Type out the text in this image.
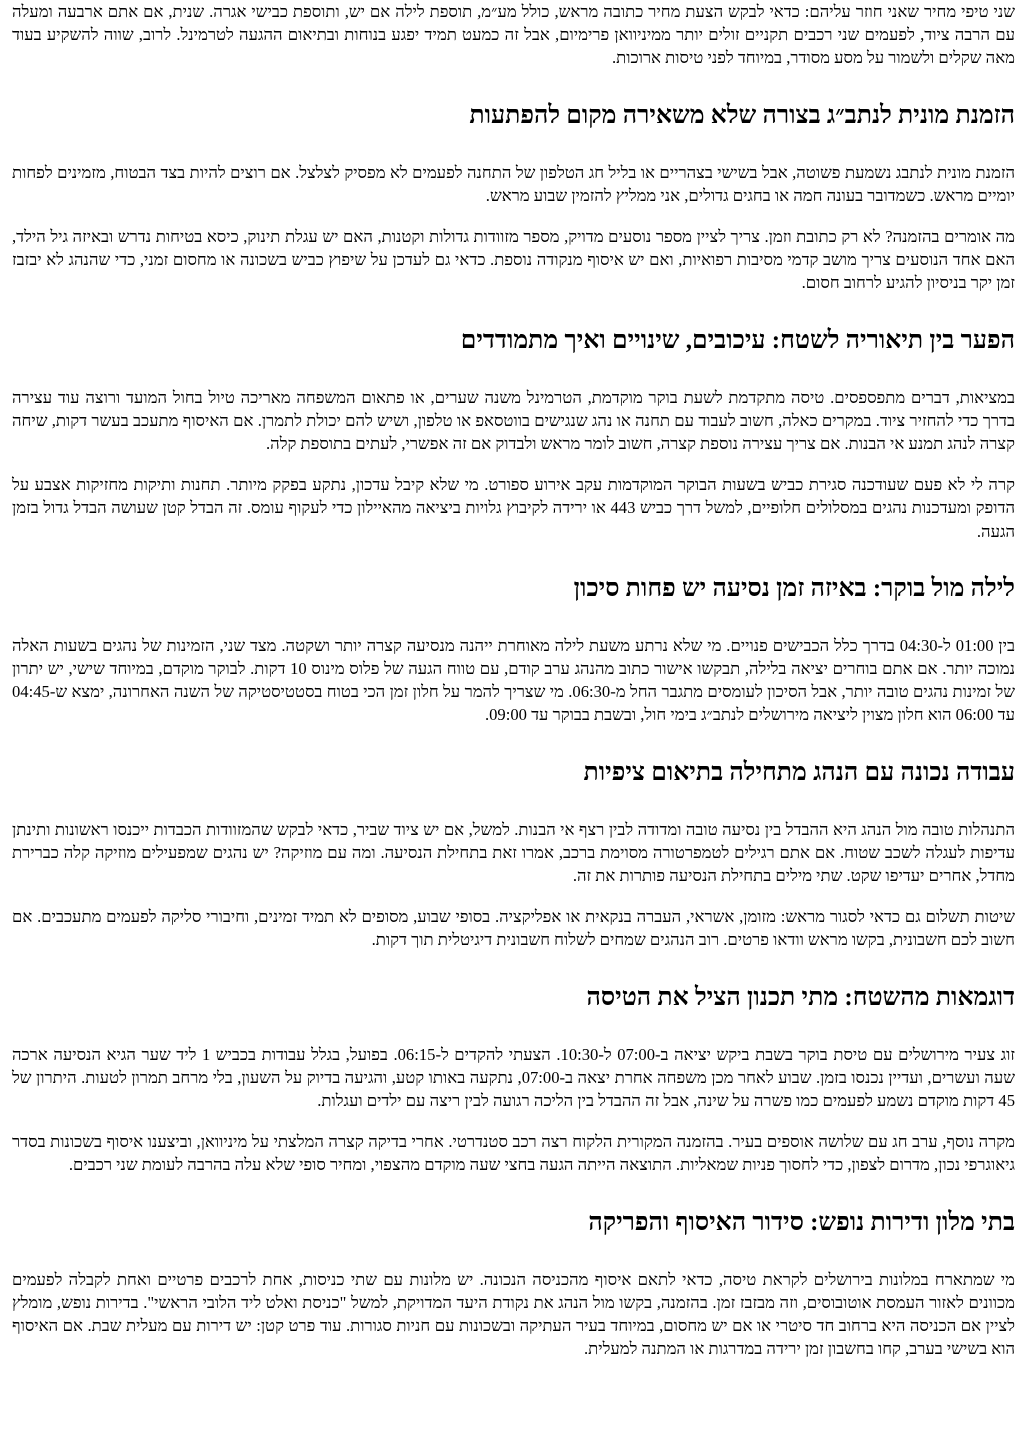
שני טיפי מחיר שאני חוזר עליהם: כדאי לבקש הצעת מחיר כתובה מראש, כולל מע״מ, תוספת לילה אם יש, ותוספת כבישי אגרה. שנית, אם אתם ארבעה ומעלה עם הרבה ציוד, לפעמים שני רכבים תקניים זולים יותר ממיניוואן פרימיום, אבל זה כמעט תמיד יפגע בנוחות ובתיאום ההגעה לטרמינל. לרוב, שווה להשקיע בעוד מאה שקלים ולשמור על מסע מסודר, במיוחד לפני טיסות ארוכות.

הזמנת מונית לנתב״ג בצורה שלא משאירה מקום להפתעות

הזמנת מונית לנתבג נשמעת פשוטה, אבל בשישי בצהריים או בליל חג הטלפון של התחנה לפעמים לא מפסיק לצלצל. אם רוצים להיות בצד הבטוח, מזמינים לפחות יומיים מראש. כשמדובר בעונה חמה או בחגים גדולים, אני ממליץ להזמין שבוע מראש.

מה אומרים בהזמנה? לא רק כתובת וזמן. צריך לציין מספר נוסעים מדויק, מספר מזוודות גדולות וקטנות, האם יש עגלת תינוק, כיסא בטיחות נדרש ובאיזה גיל הילד, האם אחד הנוסעים צריך מושב קדמי מסיבות רפואיות, ואם יש איסוף מנקודה נוספת. כדאי גם לעדכן על שיפוץ כביש בשכונה או מחסום זמני, כדי שהנהג לא יבזבז זמן יקר בניסיון להגיע לרחוב חסום.

הפער בין תיאוריה לשטח: עיכובים, שינויים ואיך מתמודדים

במציאות, דברים מתפספסים. טיסה מתקדמת לשעת בוקר מוקדמת, הטרמינל משנה שערים, או פתאום המשפחה מאריכה טיול בחול המועד ורוצה עוד עצירה בדרך כדי להחזיר ציוד. במקרים כאלה, חשוב לעבוד עם תחנה או נהג שנגישים בווטסאפ או טלפון, ושיש להם יכולת לתמרן. אם האיסוף מתעכב בעשר דקות, שיחה קצרה לנהג תמנע אי הבנות. אם צריך עצירה נוספת קצרה, חשוב לומר מראש ולבדוק אם זה אפשרי, לעתים בתוספת קלה.

קרה לי לא פעם שעודכנה סגירת כביש בשעות הבוקר המוקדמות עקב אירוע ספורט. מי שלא קיבל עדכון, נתקע בפקק מיותר. תחנות ותיקות מחזיקות אצבע על הדופק ומעדכנות נהגים במסלולים חלופיים, למשל דרך כביש 443 או ירידה לקיבוץ גלויות ביציאה מהאיילון כדי לעקוף עומס. זה הבדל קטן שעושה הבדל גדול בזמן הגעה.

לילה מול בוקר: באיזה זמן נסיעה יש פחות סיכון

בין 01:00 ל-04:30 בדרך כלל הכבישים פנויים. מי שלא נרתע משעת לילה מאוחרת ייהנה מנסיעה קצרה יותר ושקטה. מצד שני, הזמינות של נהגים בשעות האלה נמוכה יותר. אם אתם בוחרים יציאה בלילה, תבקשו אישור כתוב מהנהג ערב קודם, עם טווח הגעה של פלוס מינוס 10 דקות. לבוקר מוקדם, במיוחד שישי, יש יתרון של זמינות נהגים טובה יותר, אבל הסיכון לעומסים מתגבר החל מ-06:30. מי שצריך להמר על חלון זמן הכי בטוח בסטטיסטיקה של השנה האחרונה, ימצא ש-04:45 עד 06:00 הוא חלון מצוין ליציאה מירושלים לנתב״ג בימי חול, ובשבת בבוקר עד 09:00.

עבודה נכונה עם הנהג מתחילה בתיאום ציפיות

התנהלות טובה מול הנהג היא ההבדל בין נסיעה טובה ומדודה לבין רצף אי הבנות. למשל, אם יש ציוד שביר, כדאי לבקש שהמזוודות הכבדות ייכנסו ראשונות ותינתן עדיפות לעגלה לשכב שטוח. אם אתם רגילים לטמפרטורה מסוימת ברכב, אמרו זאת בתחילת הנסיעה. ומה עם מוזיקה? יש נהגים שמפעילים מוזיקה קלה כברירת מחדל, אחרים יעדיפו שקט. שתי מילים בתחילת הנסיעה פותרות את זה.

שיטות תשלום גם כדאי לסגור מראש: מזומן, אשראי, העברה בנקאית או אפליקציה. בסופי שבוע, מסופים לא תמיד זמינים, וחיבורי סליקה לפעמים מתעכבים. אם חשוב לכם חשבונית, בקשו מראש וודאו פרטים. רוב הנהגים שמחים לשלוח חשבונית דיגיטלית תוך דקות.

דוגמאות מהשטח: מתי תכנון הציל את הטיסה

זוג צעיר מירושלים עם טיסת בוקר בשבת ביקש יציאה ב-07:00 ל-10:30. הצעתי להקדים ל-06:15. בפועל, בגלל עבודות בכביש 1 ליד שער הגיא הנסיעה ארכה שעה ועשרים, ועדיין נכנסו בזמן. שבוע לאחר מכן משפחה אחרת יצאה ב-07:00, נתקעה באותו קטע, והגיעה בדיוק על השעון, בלי מרחב תמרון לטעות. היתרון של 45 דקות מוקדם נשמע לפעמים כמו פשרה על שינה, אבל זה ההבדל בין הליכה רגועה לבין ריצה עם ילדים ועגלות.

מקרה נוסף, ערב חג עם שלושה אוספים בעיר. בהזמנה המקורית הלקוח רצה רכב סטנדרטי. אחרי בדיקה קצרה המלצתי על מיניוואן, וביצענו איסוף בשכונות בסדר גיאוגרפי נכון, מדרום לצפון, כדי לחסוך פניות שמאליות. התוצאה הייתה הגעה בחצי שעה מוקדם מהצפוי, ומחיר סופי שלא עלה בהרבה לעומת שני רכבים.

בתי מלון ודירות נופש: סידור האיסוף והפריקה

מי שמתארח במלונות בירושלים לקראת טיסה, כדאי לתאם איסוף מהכניסה הנכונה. יש מלונות עם שתי כניסות, אחת לרכבים פרטיים ואחת לקבלה לפעמים מכוונים לאזור העמסת אוטובוסים, וזה מבזבז זמן. בהזמנה, בקשו מול הנהג את נקודת היעד המדויקת, למשל "כניסת ואלט ליד הלובי הראשי". בדירות נופש, מומלץ לציין אם הכניסה היא ברחוב חד סיטרי או אם יש מחסום, במיוחד בעיר העתיקה ובשכונות עם חניות סגורות. עוד פרט קטן: יש דירות עם מעלית שבת. אם האיסוף הוא בשישי בערב, קחו בחשבון זמן ירידה במדרגות או המתנה למעלית.
